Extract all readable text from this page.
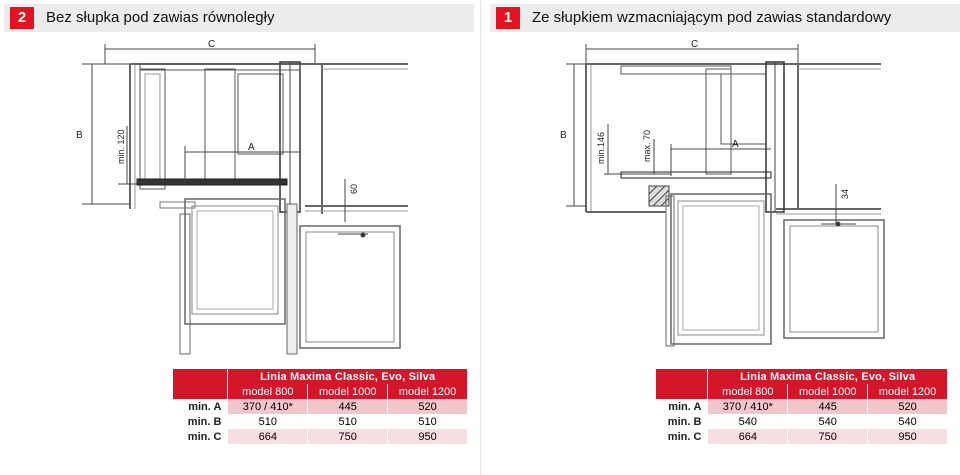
2	Bez słupka pod zawias równoległy
C
B
A
min. 120
60
	Linia Maxima Classic, Evo, Silva		
	model 800	model 1000	model 1200
min. A	370 / 410*	445	520
min. B	510	510	510
min. C	664	750	950
1	Ze słupkiem wzmacniającym pod zawias standardowy
C
B
A
min.146	max. 70
34
	Linia Maxima Classic, Evo, Silva		
	model 800	model 1000	model 1200
min. A	370 / 410*	445	520
min. B	540	540	540
min. C	664	750	950
